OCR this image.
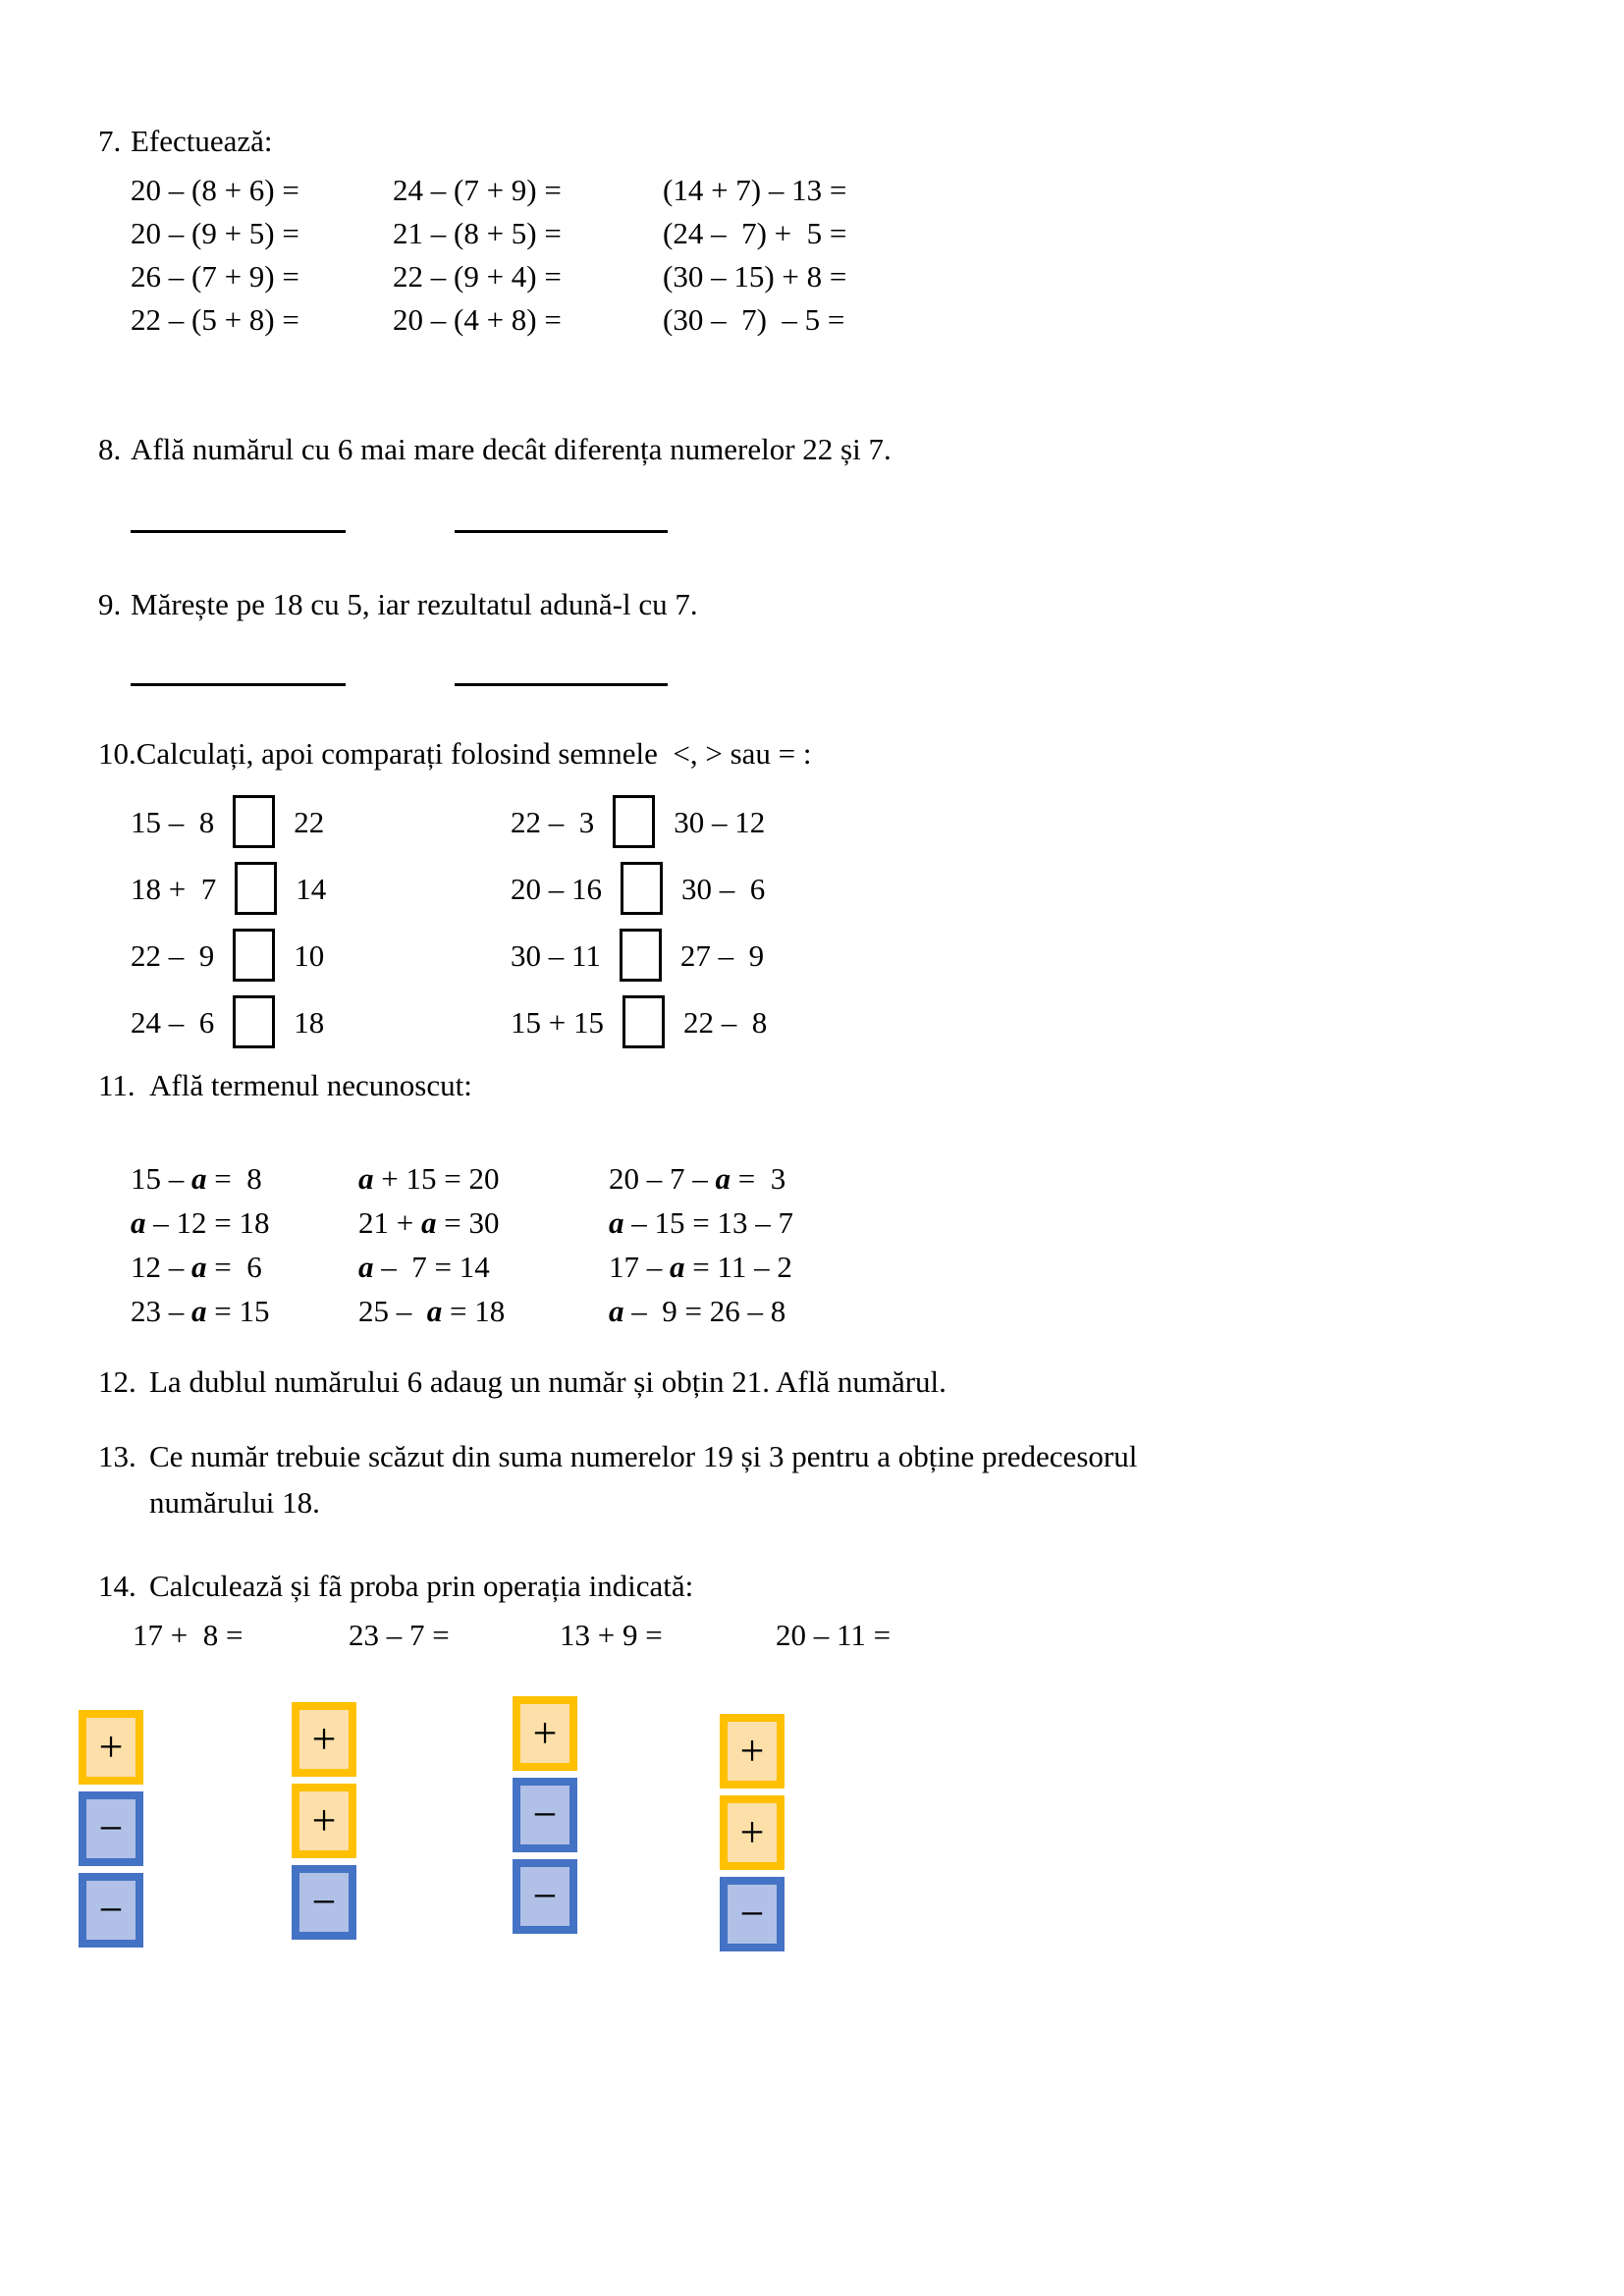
7. Efectuează:
20 – (8 + 6) =	24 – (7 + 9) =	(14 + 7) – 13 =
20 – (9 + 5) =	21 – (8 + 5) =	(24 –  7) +  5 =
26 – (7 + 9) =	22 – (9 + 4) =	(30 – 15) + 8 =
22 – (5 + 8) =	20 – (4 + 8) =	(30 –  7)  – 5 =
8. Află numărul cu 6 mai mare decât diferența numerelor 22 și 7.

9. Mărește pe 18 cu 5, iar rezultatul adună-l cu 7.

10.Calculați, apoi comparați folosind semnele  <, > sau = :
15 –  8	22	22 –  3	30 – 12
18 +  7	14	20 – 16	30 –  6
22 –  9	10	30 – 11	27 –  9
24 –  6	18	15 + 15	22 –  8
11. Află termenul necunoscut:
15 – a =  8	a + 15 = 20	20 – 7 – a =  3
a – 12 = 18	21 + a = 30	a – 15 = 13 – 7
12 – a =  6	a –  7 = 14	17 – a = 11 – 2
23 – a = 15	25 –  a = 18	a –  9 = 26 – 8
12. La dublul numărului 6 adaug un număr și obțin 21. Află numărul.
13. Ce număr trebuie scăzut din suma numerelor 19 și 3 pentru a obține predecesorul
numărului 18.
14. Calculează și fã proba prin operația indicată:
17 +  8 =	23 – 7 =	13 + 9 =	20 – 11 =
+
−
−
+
+
−
+
−
−
+
+
−
